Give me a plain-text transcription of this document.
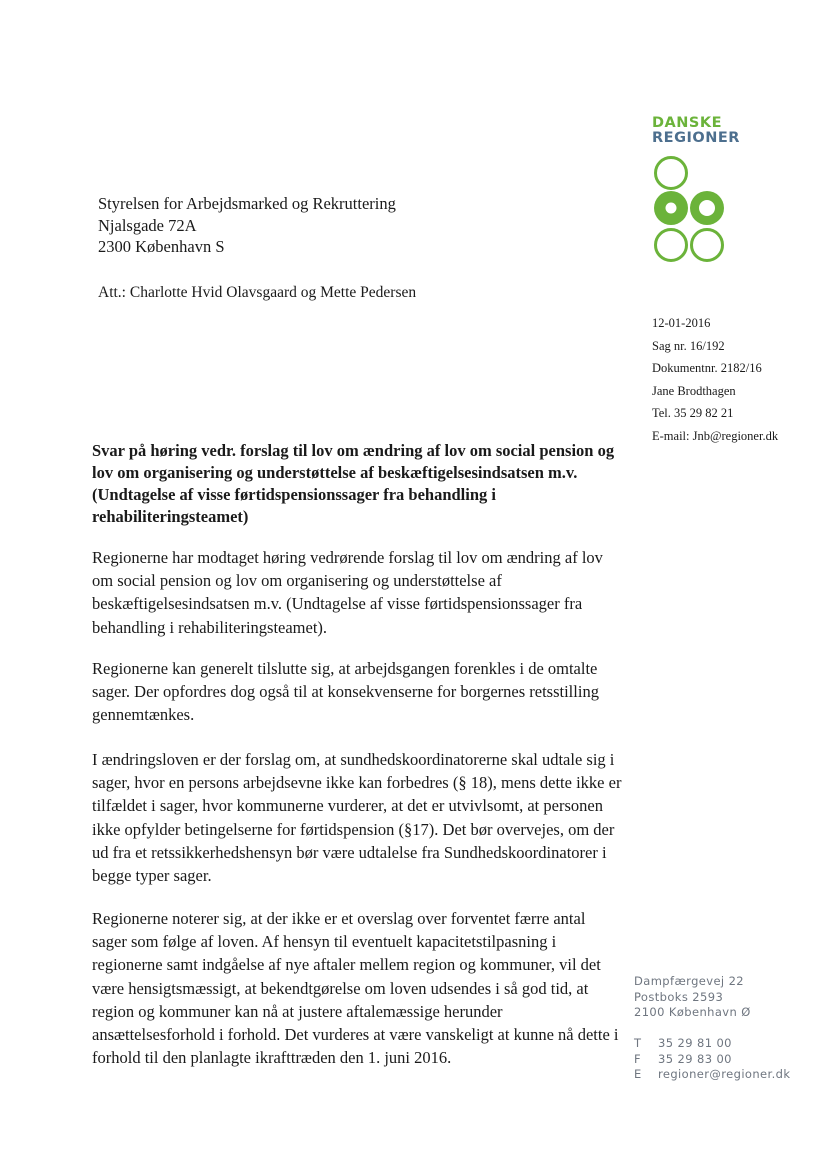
DANSKE
REGIONER
Styrelsen for Arbejdsmarked og Rekruttering
Njalsgade 72A
2300 København S
Att.: Charlotte Hvid Olavsgaard og Mette Pedersen
12-01-2016
Sag nr. 16/192
Dokumentnr. 2182/16
Jane Brodthagen
Tel. 35 29 82 21
E-mail: Jnb@regioner.dk
Svar på høring vedr. forslag til lov om ændring af lov om social pension og lov om organisering og understøttelse af beskæftigelsesindsatsen m.v. (Undtagelse af visse førtidspensionssager fra behandling i rehabiliteringsteamet)
Regionerne har modtaget høring vedrørende forslag til lov om ændring af lov om social pension og lov om organisering og understøttelse af beskæftigelsesindsatsen m.v. (Undtagelse af visse førtidspensionssager fra behandling i rehabiliteringsteamet).
Regionerne kan generelt tilslutte sig, at arbejdsgangen forenkles i de omtalte sager. Der opfordres dog også til at konsekvenserne for borgernes retsstilling gennemtænkes.
I ændringsloven er der forslag om, at sundhedskoordinatorerne skal udtale sig i sager, hvor en persons arbejdsevne ikke kan forbedres (§ 18), mens dette ikke er tilfældet i sager, hvor kommunerne vurderer, at det er utvivlsomt, at personen ikke opfylder betingelserne for førtidspension (§17). Det bør overvejes, om der ud fra et retssikkerhedshensyn bør være udtalelse fra Sundhedskoordinatorer i begge typer sager.
Regionerne noterer sig, at der ikke er et overslag over forventet færre antal sager som følge af loven. Af hensyn til eventuelt kapacitetstilpasning i regionerne samt indgåelse af nye aftaler mellem region og kommuner, vil det være hensigtsmæssigt, at bekendtgørelse om loven udsendes i så god tid, at region og kommuner kan nå at justere aftalemæssige herunder ansættelsesforhold i forhold. Det vurderes at være vanskeligt at kunne nå dette i forhold til den planlagte ikrafttræden den 1. juni 2016.
Dampfærgevej 22
Postboks 2593
2100 København Ø
T 35 29 81 00
F 35 29 83 00
E regioner@regioner.dk
